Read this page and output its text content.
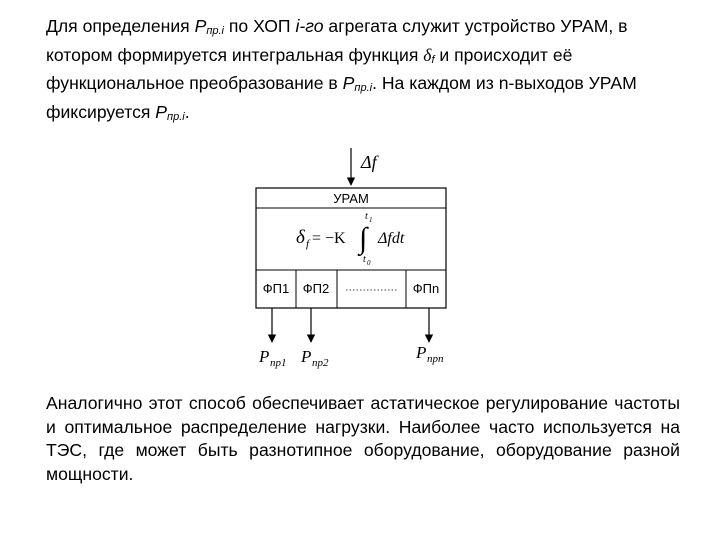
Для определения Pпр.i по ХОП i-го агрегата служит устройство УРАМ, в котором формируется интегральная функция δf и происходит её функциональное преобразование в Pпр.i. На каждом из n-выходов УРАМ фиксируется Pпр.i.
Δf
УРАМ
δ f = −K ∫
t 1
t 0
Δfdt
ФП1 ФП2	ФПn
P пр1 P пр2
P прn
Аналогично этот способ обеспечивает астатическое регулирование частоты и оптимальное распределение нагрузки. Наиболее часто используется на ТЭС, где может быть разнотипное оборудование, оборудование разной мощности.
